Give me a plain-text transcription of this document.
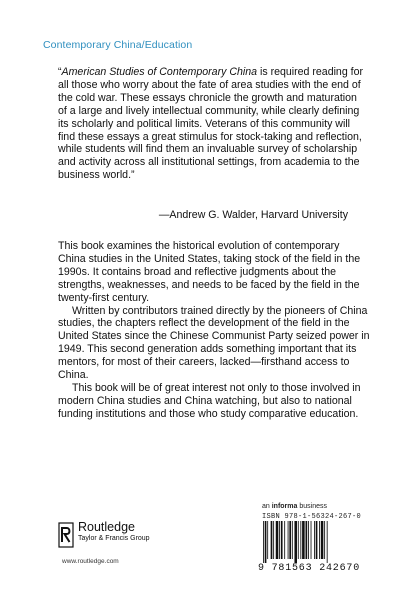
Contemporary China/Education
“American Studies of Contemporary China is required reading for all those who worry about the fate of area studies with the end of the cold war. These essays chronicle the growth and maturation of a large and lively intellectual community, while clearly defining its scholarly and political limits. Veterans of this community will find these essays a great stimulus for stock-taking and reflection, while students will find them an invaluable survey of scholarship and activity across all institutional settings, from academia to the business world.”
—Andrew G. Walder, Harvard University

This book examines the historical evolution of contemporary China studies in the United States, taking stock of the field in the 1990s. It contains broad and reflective judgments about the strengths, weaknesses, and needs to be faced by the field in the twenty-first century.

Written by contributors trained directly by the pioneers of China studies, the chapters reflect the development of the field in the United States since the Chinese Communist Party seized power in 1949. This second generation adds something important that its mentors, for most of their careers, lacked—firsthand access to China.

This book will be of great interest not only to those involved in modern China studies and China watching, but also to national funding institutions and those who study comparative education.

an informa business
ISBN 978-1-56324-267-0
9 781563 242670
Routledge
Taylor & Francis Group
www.routledge.com
